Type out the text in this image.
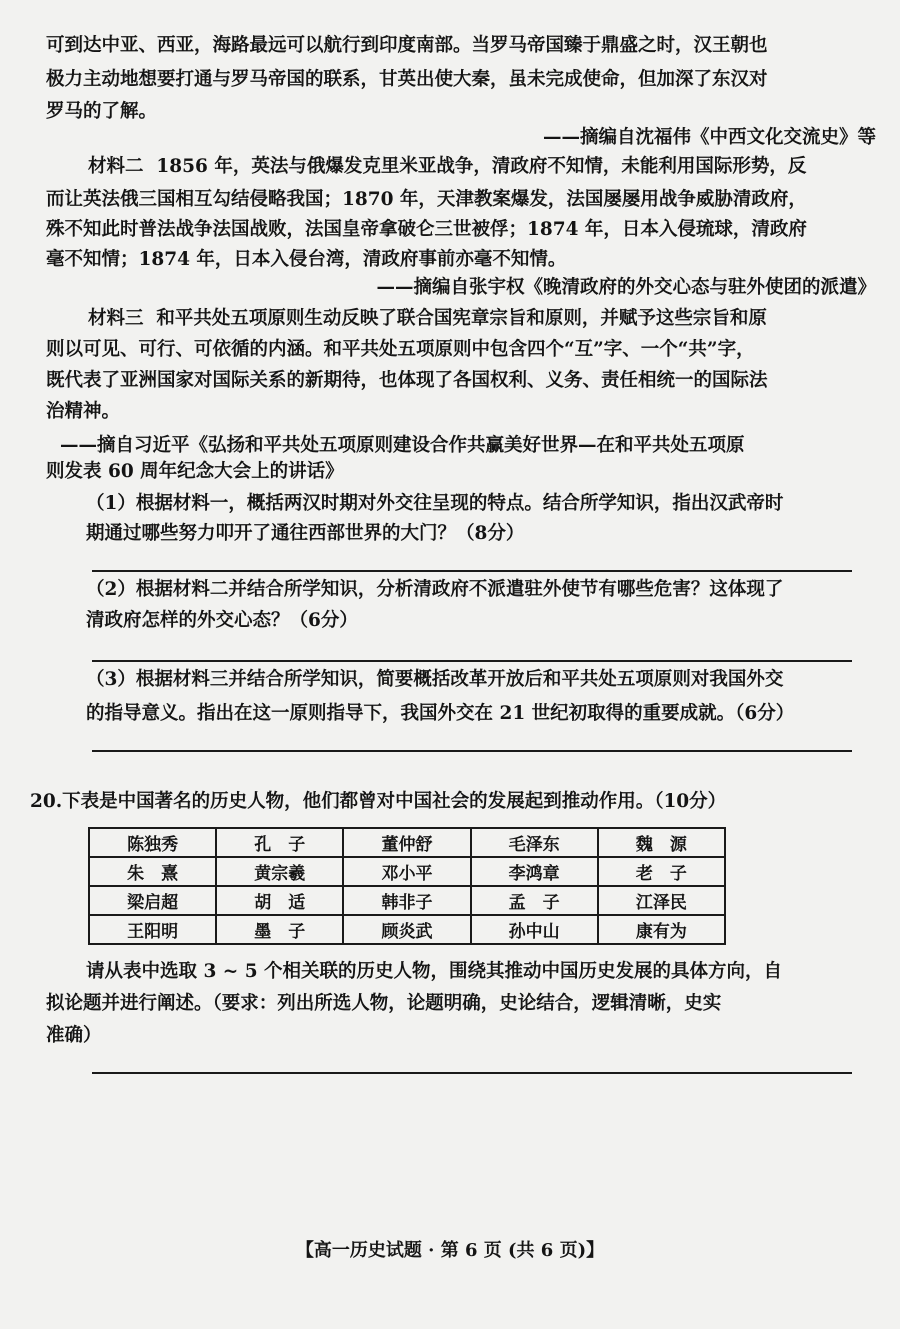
可到达中亚、西亚，海路最远可以航行到印度南部。当罗马帝国臻于鼎盛之时，汉王朝也
极力主动地想要打通与罗马帝国的联系，甘英出使大秦，虽未完成使命，但加深了东汉对
罗马的了解。
——摘编自沈福伟《中西文化交流史》等
材料二 1856 年，英法与俄爆发克里米亚战争，清政府不知情，未能利用国际形势，反
而让英法俄三国相互勾结侵略我国；1870 年，天津教案爆发，法国屡屡用战争威胁清政府，
殊不知此时普法战争法国战败，法国皇帝拿破仑三世被俘；1874 年，日本入侵琉球，清政府
毫不知情；1874 年，日本入侵台湾，清政府事前亦毫不知情。
——摘编自张宇权《晚清政府的外交心态与驻外使团的派遣》
材料三 和平共处五项原则生动反映了联合国宪章宗旨和原则，并赋予这些宗旨和原
则以可见、可行、可依循的内涵。和平共处五项原则中包含四个“互”字、一个“共”字，
既代表了亚洲国家对国际关系的新期待，也体现了各国权利、义务、责任相统一的国际法
治精神。
——摘自习近平《弘扬和平共处五项原则建设合作共赢美好世界—在和平共处五项原
则发表 60 周年纪念大会上的讲话》
（1）根据材料一，概括两汉时期对外交往呈现的特点。结合所学知识，指出汉武帝时
期通过哪些努力叩开了通往西部世界的大门？（8分）
（2）根据材料二并结合所学知识，分析清政府不派遣驻外使节有哪些危害？这体现了
清政府怎样的外交心态？（6分）
（3）根据材料三并结合所学知识，简要概括改革开放后和平共处五项原则对我国外交
的指导意义。指出在这一原则指导下，我国外交在 21 世纪初取得的重要成就。（6分）
20.下表是中国著名的历史人物，他们都曾对中国社会的发展起到推动作用。（10分）
陈独秀	孔　子	董仲舒	毛泽东	魏　源
朱　熹	黄宗羲	邓小平	李鸿章	老　子
梁启超	胡　适	韩非子	孟　子	江泽民
王阳明	墨　子	顾炎武	孙中山	康有为
请从表中选取 3 ~ 5 个相关联的历史人物，围绕其推动中国历史发展的具体方向，自
拟论题并进行阐述。（要求：列出所选人物，论题明确，史论结合，逻辑清晰，史实
准确）
【高一历史试题 · 第 6 页 (共 6 页)】
